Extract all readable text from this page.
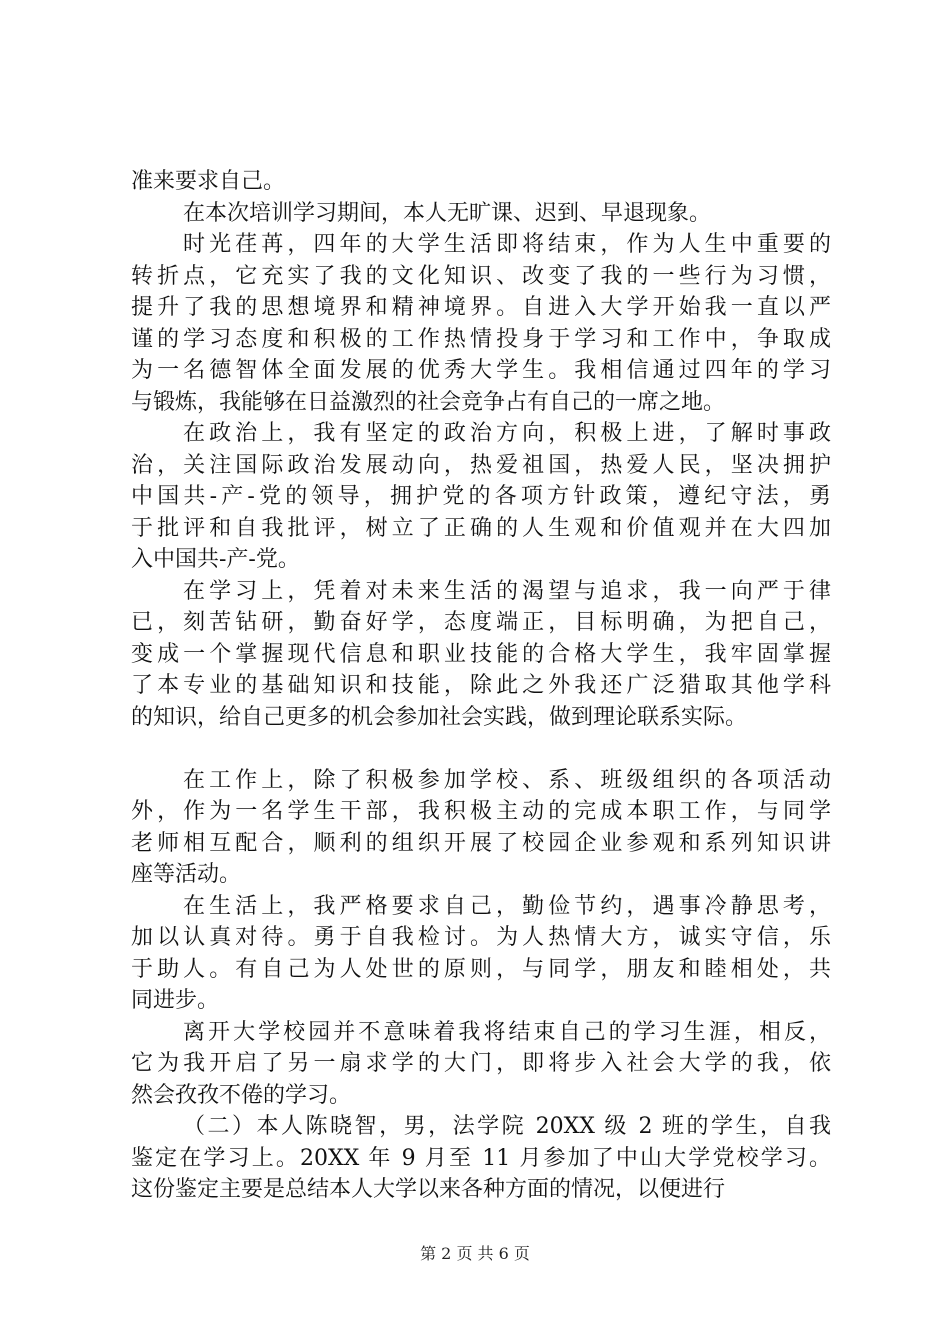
准来要求自己。

在本次培训学习期间，本人无旷课、迟到、早退现象。

时光荏苒，四年的大学生活即将结束，作为人生中重要的
转折点，它充实了我的文化知识、改变了我的一些行为习惯，
提升了我的思想境界和精神境界。自进入大学开始我一直以严
谨的学习态度和积极的工作热情投身于学习和工作中，争取成
为一名德智体全面发展的优秀大学生。我相信通过四年的学习
与锻炼，我能够在日益激烈的社会竞争占有自己的一席之地。

在政治上，我有坚定的政治方向，积极上进，了解时事政
治，关注国际政治发展动向，热爱祖国，热爱人民，坚决拥护
中国共-产-党的领导，拥护党的各项方针政策，遵纪守法，勇
于批评和自我批评，树立了正确的人生观和价值观并在大四加
入中国共-产-党。

在学习上，凭着对未来生活的渴望与追求，我一向严于律
已，刻苦钻研，勤奋好学，态度端正，目标明确，为把自己，
变成一个掌握现代信息和职业技能的合格大学生，我牢固掌握
了本专业的基础知识和技能，除此之外我还广泛猎取其他学科
的知识，给自己更多的机会参加社会实践，做到理论联系实际。

在工作上，除了积极参加学校、系、班级组织的各项活动
外，作为一名学生干部，我积极主动的完成本职工作，与同学
老师相互配合，顺利的组织开展了校园企业参观和系列知识讲
座等活动。

在生活上，我严格要求自己，勤俭节约，遇事冷静思考，
加以认真对待。勇于自我检讨。为人热情大方，诚实守信，乐
于助人。有自己为人处世的原则，与同学，朋友和睦相处，共
同进步。

离开大学校园并不意味着我将结束自己的学习生涯，相反，
它为我开启了另一扇求学的大门，即将步入社会大学的我，依
然会孜孜不倦的学习。

（二）本人陈晓智，男，法学院 20XX 级 2 班的学生，自我
鉴定在学习上。20XX 年 9 月至 11 月参加了中山大学党校学习。
这份鉴定主要是总结本人大学以来各种方面的情况，以便进行

第 2 页 共 6 页
